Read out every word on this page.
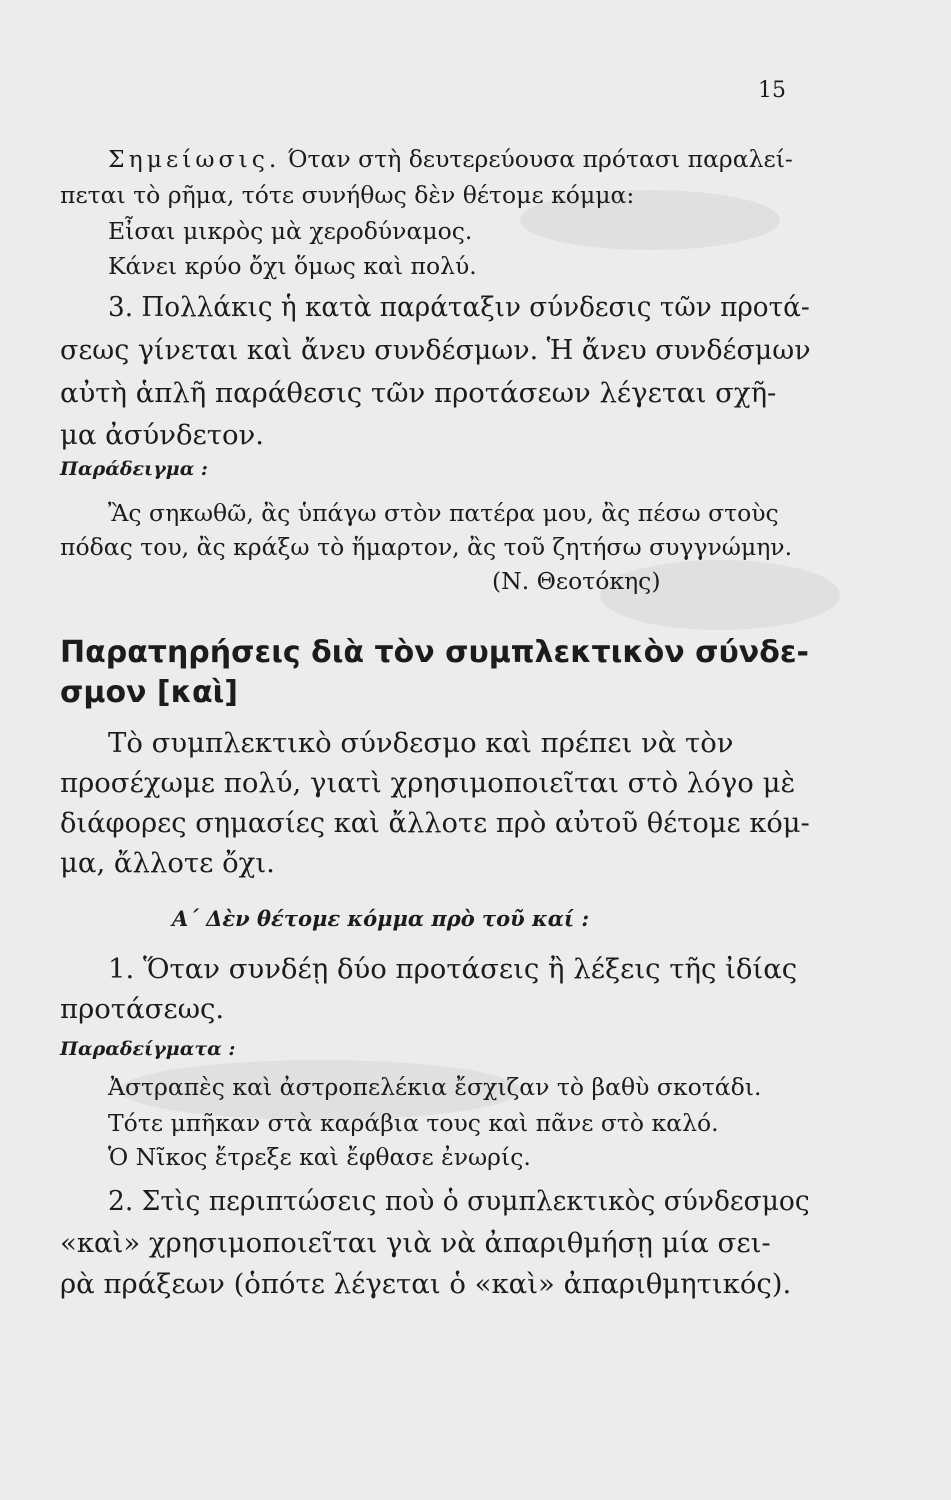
15
Σημείωσις. Όταν στὴ δευτερεύουσα πρότασι παραλεί-
πεται τὸ ρῆμα, τότε συνήθως δὲν θέτομε κόμμα:
Εἶσαι μικρὸς μὰ χεροδύναμος.
Κάνει κρύο ὄχι ὅμως καὶ πολύ.
3. Πολλάκις ἡ κατὰ παράταξιν σύνδεσις τῶν προτά-
σεως γίνεται καὶ ἄνευ συνδέσμων. Ἡ ἄνευ συνδέσμων
αὐτὴ ἁπλῆ παράθεσις τῶν προτάσεων λέγεται σχῆ-
μα ἀσύνδετον.
Παράδειγμα :
Ἂς σηκωθῶ, ἂς ὑπάγω στὸν πατέρα μου, ἂς πέσω στοὺς
πόδας του, ἂς κράξω τὸ ἥμαρτον, ἂς τοῦ ζητήσω συγγνώμην.
(Ν. Θεοτόκης)
Παρατηρήσεις διὰ τὸν συμπλεκτικὸν σύνδε-
σμον [καὶ]
Τὸ συμπλεκτικὸ σύνδεσμο καὶ πρέπει νὰ τὸν
προσέχωμε πολύ, γιατὶ χρησιμοποιεῖται στὸ λόγο μὲ
διάφορες σημασίες καὶ ἄλλοτε πρὸ αὐτοῦ θέτομε κόμ-
μα, ἄλλοτε ὄχι.
Α΄ Δὲν θέτομε κόμμα πρὸ τοῦ καί :
1. Ὅταν συνδέῃ δύο προτάσεις ἢ λέξεις τῆς ἰδίας
προτάσεως.
Παραδείγματα :
Ἀστραπὲς καὶ ἀστροπελέκια ἔσχιζαν τὸ βαθὺ σκοτάδι.
Τότε μπῆκαν στὰ καράβια τους καὶ πᾶνε στὸ καλό.
Ὁ Νῖκος ἔτρεξε καὶ ἔφθασε ἐνωρίς.
2. Στὶς περιπτώσεις ποὺ ὁ συμπλεκτικὸς σύνδεσμος
«καὶ» χρησιμοποιεῖται γιὰ νὰ ἀπαριθμήσῃ μία σει-
ρὰ πράξεων (ὁπότε λέγεται ὁ «καὶ» ἀπαριθμητικός).
